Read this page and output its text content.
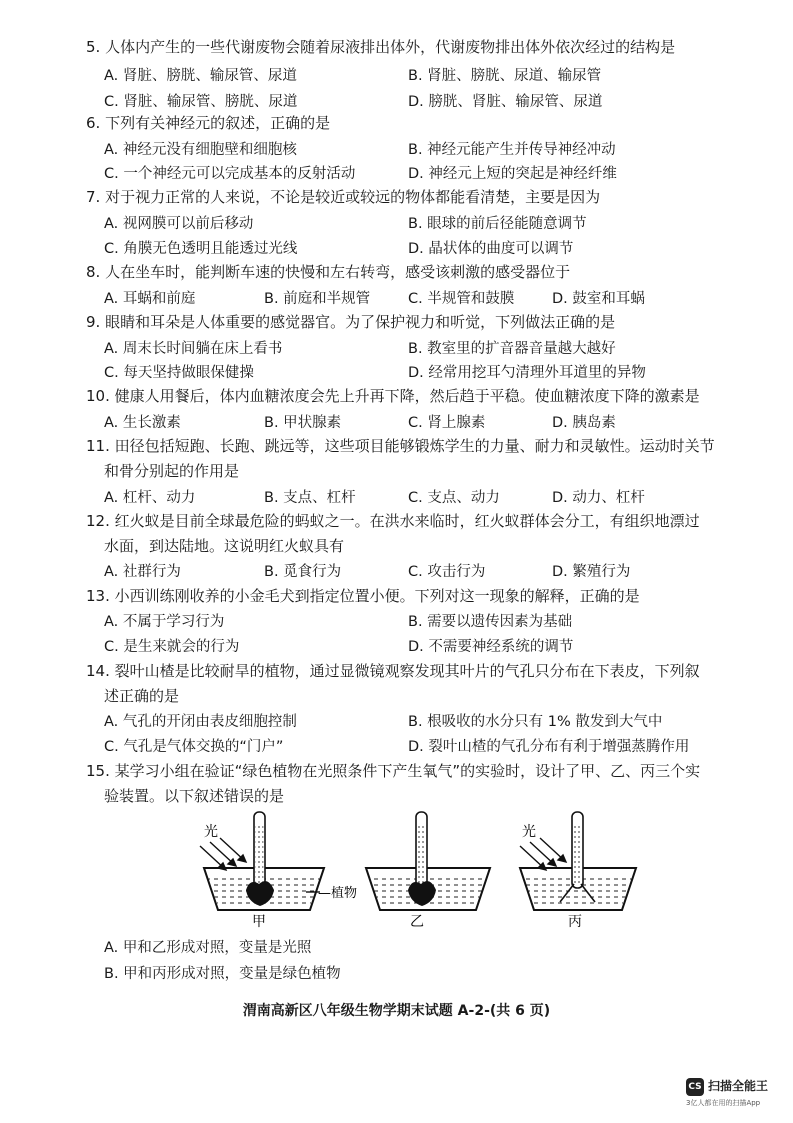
5. 人体内产生的一些代谢废物会随着尿液排出体外，代谢废物排出体外依次经过的结构是
A. 肾脏、膀胱、输尿管、尿道	B. 肾脏、膀胱、尿道、输尿管
C. 肾脏、输尿管、膀胱、尿道	D. 膀胱、肾脏、输尿管、尿道
6. 下列有关神经元的叙述，正确的是
A. 神经元没有细胞壁和细胞核	B. 神经元能产生并传导神经冲动
C. 一个神经元可以完成基本的反射活动	D. 神经元上短的突起是神经纤维
7. 对于视力正常的人来说，不论是较近或较远的物体都能看清楚，主要是因为
A. 视网膜可以前后移动	B. 眼球的前后径能随意调节
C. 角膜无色透明且能透过光线	D. 晶状体的曲度可以调节
8. 人在坐车时，能判断车速的快慢和左右转弯，感受该刺激的感受器位于
A. 耳蜗和前庭	B. 前庭和半规管	C. 半规管和鼓膜	D. 鼓室和耳蜗
9. 眼睛和耳朵是人体重要的感觉器官。为了保护视力和听觉，下列做法正确的是
A. 周末长时间躺在床上看书	B. 教室里的扩音器音量越大越好
C. 每天坚持做眼保健操	D. 经常用挖耳勺清理外耳道里的异物
10. 健康人用餐后，体内血糖浓度会先上升再下降，然后趋于平稳。使血糖浓度下降的激素是
A. 生长激素	B. 甲状腺素	C. 肾上腺素	D. 胰岛素
11. 田径包括短跑、长跑、跳远等，这些项目能够锻炼学生的力量、耐力和灵敏性。运动时关节
和骨分别起的作用是
A. 杠杆、动力	B. 支点、杠杆	C. 支点、动力	D. 动力、杠杆
12. 红火蚁是目前全球最危险的蚂蚁之一。在洪水来临时，红火蚁群体会分工，有组织地漂过
水面，到达陆地。这说明红火蚁具有
A. 社群行为	B. 觅食行为	C. 攻击行为	D. 繁殖行为
13. 小西训练刚收养的小金毛犬到指定位置小便。下列对这一现象的解释，正确的是
A. 不属于学习行为	B. 需要以遗传因素为基础
C. 是生来就会的行为	D. 不需要神经系统的调节
14. 裂叶山楂是比较耐旱的植物，通过显微镜观察发现其叶片的气孔只分布在下表皮，下列叙
述正确的是
A. 气孔的开闭由表皮细胞控制	B. 根吸收的水分只有 1% 散发到大气中
C. 气孔是气体交换的“门户”	D. 裂叶山楂的气孔分布有利于增强蒸腾作用
15. 某学习小组在验证“绿色植物在光照条件下产生氧气”的实验时，设计了甲、乙、丙三个实
验装置。以下叙述错误的是
光
—植物
甲	乙
光
丙
A. 甲和乙形成对照，变量是光照
B. 甲和丙形成对照，变量是绿色植物
渭南高新区八年级生物学期末试题 A-2-(共 6 页)
CS 扫描全能王
3亿人都在用的扫描App
